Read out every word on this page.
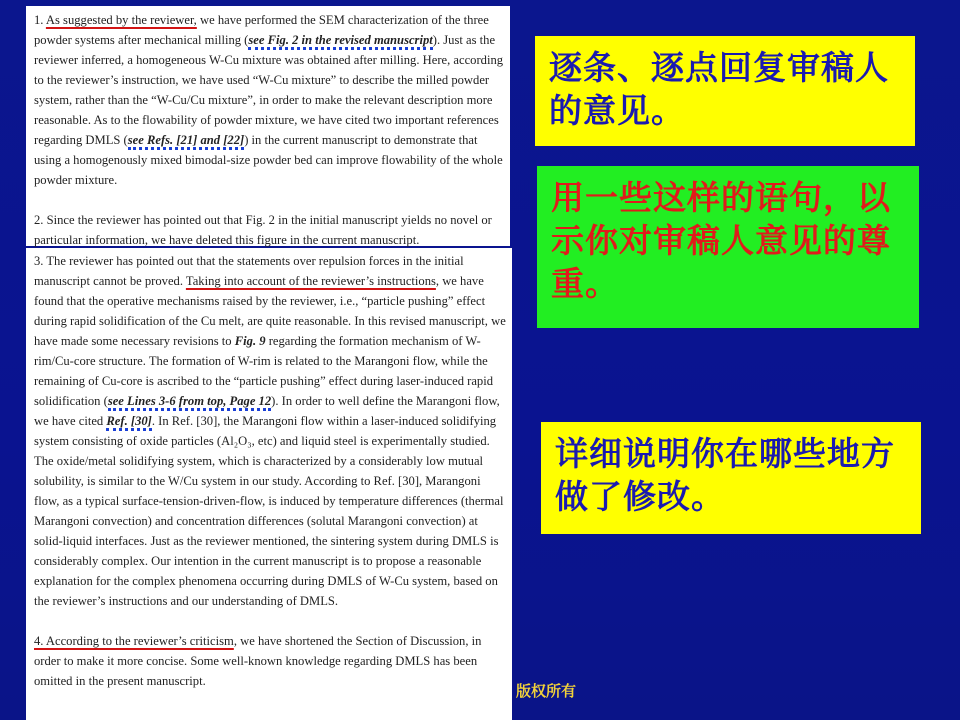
1. As suggested by the reviewer, we have performed the SEM characterization of the three powder systems after mechanical milling (see Fig. 2 in the revised manuscript). Just as the reviewer inferred, a homogeneous W-Cu mixture was obtained after milling. Here, according to the reviewer’s instruction, we have used “W-Cu mixture” to describe the milled powder system, rather than the “W-Cu/Cu mixture”, in order to make the relevant description more reasonable. As to the flowability of powder mixture, we have cited two important references regarding DMLS (see Refs. [21] and [22]) in the current manuscript to demonstrate that using a homogenously mixed bimodal-size powder bed can improve flowability of the whole powder mixture.

2. Since the reviewer has pointed out that Fig. 2 in the initial manuscript yields no novel or particular information, we have deleted this figure in the current manuscript.

3. The reviewer has pointed out that the statements over repulsion forces in the initial manuscript cannot be proved. Taking into account of the reviewer’s instructions, we have found that the operative mechanisms raised by the reviewer, i.e., “particle pushing” effect during rapid solidification of the Cu melt, are quite reasonable. In this revised manuscript, we have made some necessary revisions to Fig. 9 regarding the formation mechanism of W-rim/Cu-core structure. The formation of W-rim is related to the Marangoni flow, while the remaining of Cu-core is ascribed to the “particle pushing” effect during laser-induced rapid solidification (see Lines 3-6 from top, Page 12). In order to well define the Marangoni flow, we have cited Ref. [30]. In Ref. [30], the Marangoni flow within a laser-induced solidifying system consisting of oxide particles (Al₂O₃, etc) and liquid steel is experimentally studied. The oxide/metal solidifying system, which is characterized by a considerably low mutual solubility, is similar to the W/Cu system in our study. According to Ref. [30], Marangoni flow, as a typical surface-tension-driven-flow, is induced by temperature differences (thermal Marangoni convection) and concentration differences (solutal Marangoni convection) at solid-liquid interfaces. Just as the reviewer mentioned, the sintering system during DMLS is considerably complex. Our intention in the current manuscript is to propose a reasonable explanation for the complex phenomena occurring during DMLS of W-Cu system, based on the reviewer’s instructions and our understanding of DMLS.

4. According to the reviewer’s criticism, we have shortened the Section of Discussion, in order to make it more concise. Some well-known knowledge regarding DMLS has been omitted in the present manuscript.

逐条、逐点回复审稿人的意见。
用一些这样的语句，以示你对审稿人意见的尊重。
详细说明你在哪些地方做了修改。
版权所有
